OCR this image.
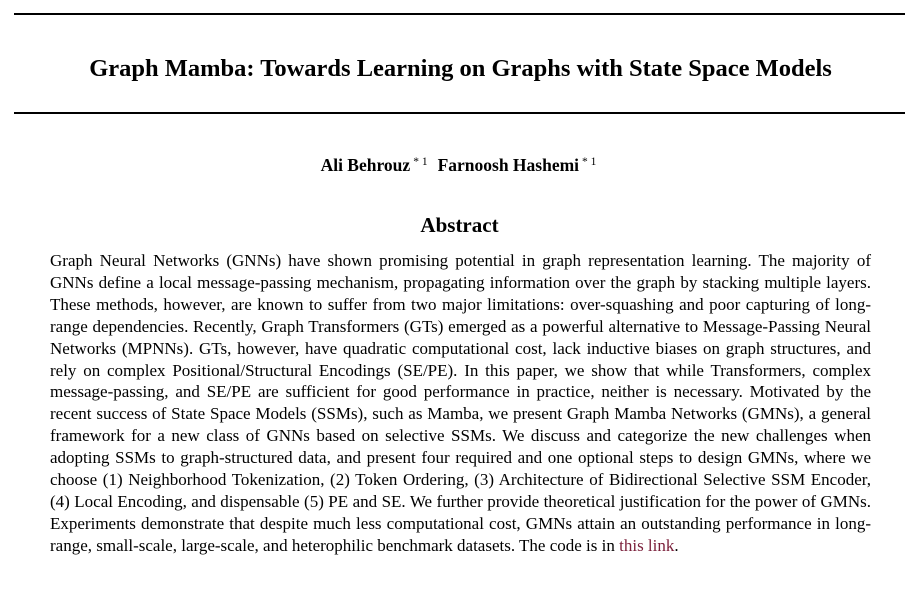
Graph Mamba: Towards Learning on Graphs with State Space Models
Ali Behrouz $^{* 1}$ Farnoosh Hashemi $^{* 1}$
Abstract
Graph Neural Networks (GNNs) have shown promising potential in graph representation learning. The majority of GNNs define a local message-passing mechanism, propagating information over the graph by stacking multiple layers. These methods, however, are known to suffer from two major limitations: over-squashing and poor capturing of long-range dependencies. Recently, Graph Transformers (GTs) emerged as a powerful alternative to Message-Passing Neural Networks (MPNNs). GTs, however, have quadratic computational cost, lack inductive biases on graph structures, and rely on complex Positional/Structural Encodings (SE/PE). In this paper, we show that while Transformers, complex message-passing, and SE/PE are sufficient for good performance in practice, neither is necessary. Motivated by the recent success of State Space Models (SSMs), such as Mamba, we present Graph Mamba Networks (GMNs), a general framework for a new class of GNNs based on selective SSMs. We discuss and categorize the new challenges when adopting SSMs to graph-structured data, and present four required and one optional steps to design GMNs, where we choose (1) Neighborhood Tokenization, (2) Token Ordering, (3) Architecture of Bidirectional Selective SSM Encoder, (4) Local Encoding, and dispensable (5) PE and SE. We further provide theoretical justification for the power of GMNs. Experiments demonstrate that despite much less computational cost, GMNs attain an outstanding performance in long-range, small-scale, large-scale, and heterophilic benchmark datasets. The code is in this link.
